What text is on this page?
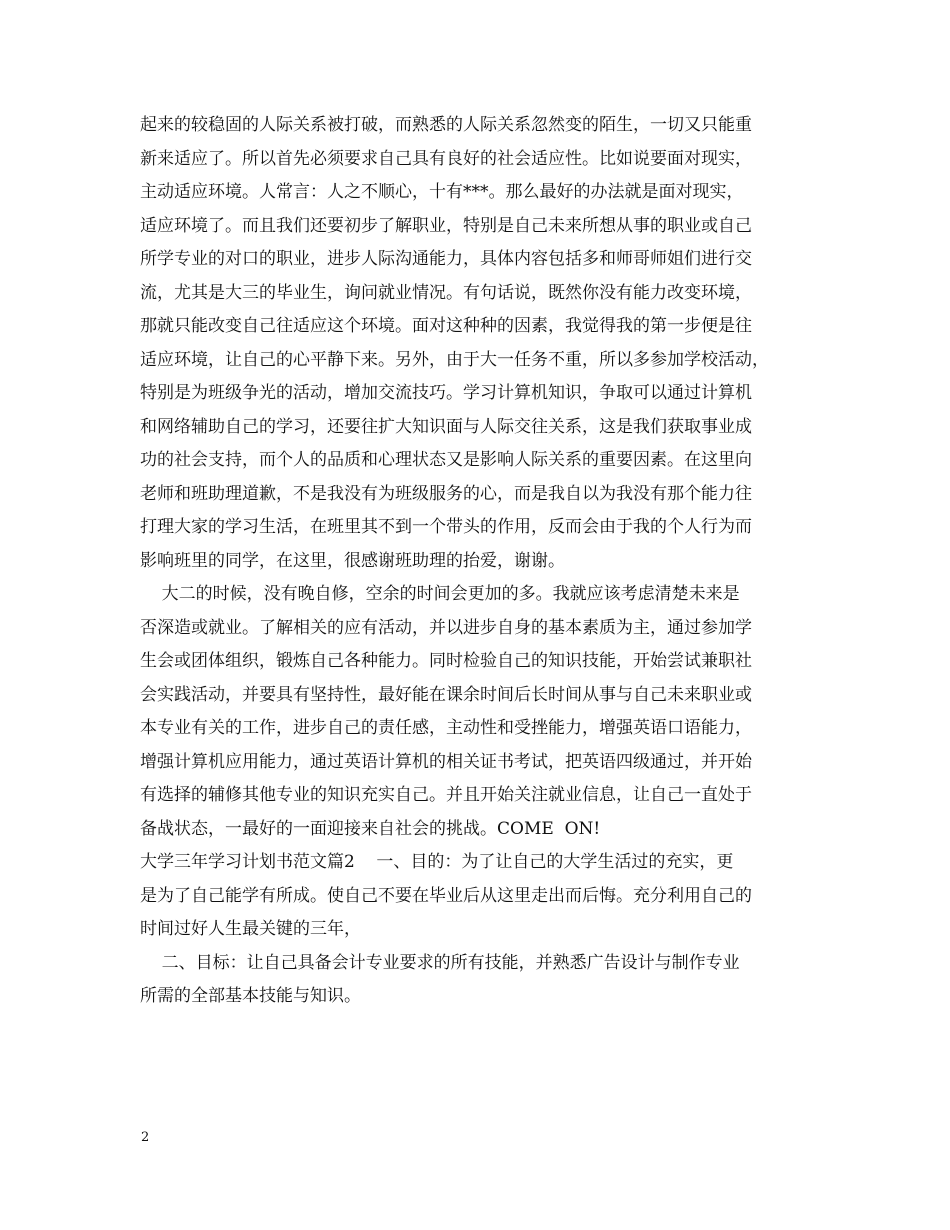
起来的较稳固的人际关系被打破，而熟悉的人际关系忽然变的陌生，一切又只能重
新来适应了。所以首先必须要求自己具有良好的社会适应性。比如说要面对现实，
主动适应环境。人常言：人之不顺心，十有***。那么最好的办法就是面对现实，
适应环境了。而且我们还要初步了解职业，特别是自己未来所想从事的职业或自己
所学专业的对口的职业，进步人际沟通能力，具体内容包括多和师哥师姐们进行交
流，尤其是大三的毕业生，询问就业情况。有句话说，既然你没有能力改变环境，
那就只能改变自己往适应这个环境。面对这种种的因素，我觉得我的第一步便是往
适应环境，让自己的心平静下来。另外，由于大一任务不重，所以多参加学校活动，
特别是为班级争光的活动，增加交流技巧。学习计算机知识，争取可以通过计算机
和网络辅助自己的学习，还要往扩大知识面与人际交往关系，这是我们获取事业成
功的社会支持，而个人的品质和心理状态又是影响人际关系的重要因素。在这里向
老师和班助理道歉，不是我没有为班级服务的心，而是我自以为我没有那个能力往
打理大家的学习生活，在班里其不到一个带头的作用，反而会由于我的个人行为而
影响班里的同学，在这里，很感谢班助理的抬爱，谢谢。
大二的时候，没有晚自修，空余的时间会更加的多。我就应该考虑清楚未来是
否深造或就业。了解相关的应有活动，并以进步自身的基本素质为主，通过参加学
生会或团体组织，锻炼自己各种能力。同时检验自己的知识技能，开始尝试兼职社
会实践活动，并要具有坚持性，最好能在课余时间后长时间从事与自己未来职业或
本专业有关的工作，进步自己的责任感，主动性和受挫能力，增强英语口语能力，
增强计算机应用能力，通过英语计算机的相关证书考试，把英语四级通过，并开始
有选择的辅修其他专业的知识充实自己。并且开始关注就业信息，让自己一直处于
备战状态，一最好的一面迎接来自社会的挑战。COME  ON!
大学三年学习计划书范文篇2    一、目的：为了让自己的大学生活过的充实，更
是为了自己能学有所成。使自己不要在毕业后从这里走出而后悔。充分利用自己的
时间过好人生最关键的三年，
二、目标：让自己具备会计专业要求的所有技能，并熟悉广告设计与制作专业
所需的全部基本技能与知识。
2
